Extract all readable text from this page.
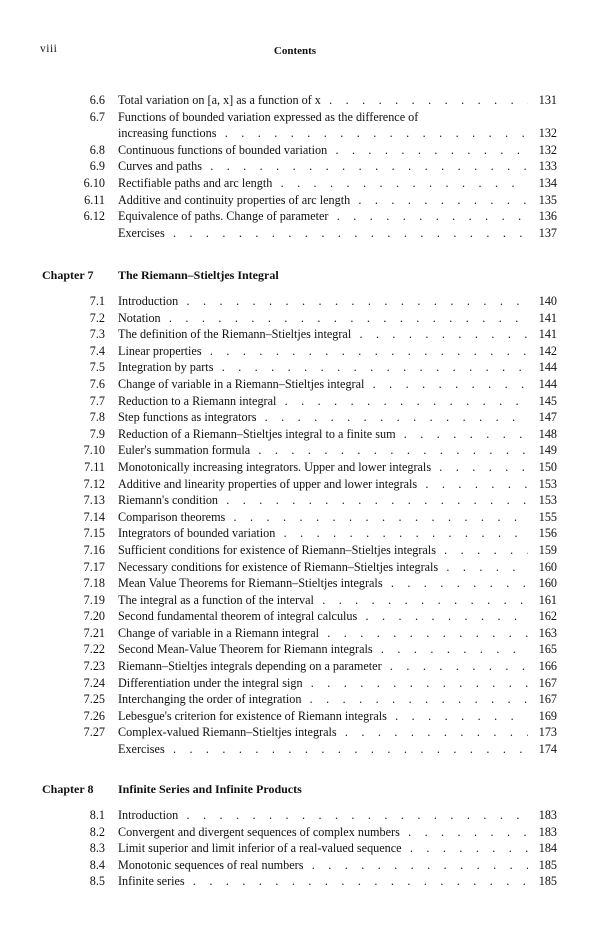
viii	Contents
6.6 Total variation on [a, x] as a function of x . . .	131
6.7 Functions of bounded variation expressed as the difference of
increasing functions . . .	132
6.8 Continuous functions of bounded variation . . .	132
6.9 Curves and paths . . .	133
6.10 Rectifiable paths and arc length . . .	134
6.11 Additive and continuity properties of arc length . . .	135
6.12 Equivalence of paths. Change of parameter . . .	136
Exercises . . .	137
Chapter 7 The Riemann–Stieltjes Integral
7.1 Introduction . . .	140
7.2 Notation . . .	141
7.3 The definition of the Riemann–Stieltjes integral . . .	141
7.4 Linear properties . . .	142
7.5 Integration by parts . . .	144
7.6 Change of variable in a Riemann–Stieltjes integral . . .	144
7.7 Reduction to a Riemann integral . . .	145
7.8 Step functions as integrators . . .	147
7.9 Reduction of a Riemann–Stieltjes integral to a finite sum . . .	148
7.10 Euler's summation formula . . .	149
7.11 Monotonically increasing integrators. Upper and lower integrals . . .	150
7.12 Additive and linearity properties of upper and lower integrals . . .	153
7.13 Riemann's condition . . .	153
7.14 Comparison theorems . . .	155
7.15 Integrators of bounded variation . . .	156
7.16 Sufficient conditions for existence of Riemann–Stieltjes integrals . . .	159
7.17 Necessary conditions for existence of Riemann–Stieltjes integrals . . .	160
7.18 Mean Value Theorems for Riemann–Stieltjes integrals . . .	160
7.19 The integral as a function of the interval . . .	161
7.20 Second fundamental theorem of integral calculus . . .	162
7.21 Change of variable in a Riemann integral . . .	163
7.22 Second Mean-Value Theorem for Riemann integrals . . .	165
7.23 Riemann–Stieltjes integrals depending on a parameter . . .	166
7.24 Differentiation under the integral sign . . .	167
7.25 Interchanging the order of integration . . .	167
7.26 Lebesgue's criterion for existence of Riemann integrals . . .	169
7.27 Complex-valued Riemann–Stieltjes integrals . . .	173
Exercises . . .	174
Chapter 8 Infinite Series and Infinite Products
8.1 Introduction . . .	183
8.2 Convergent and divergent sequences of complex numbers . . .	183
8.3 Limit superior and limit inferior of a real-valued sequence . . .	184
8.4 Monotonic sequences of real numbers . . .	185
8.5 Infinite series . . .	185
